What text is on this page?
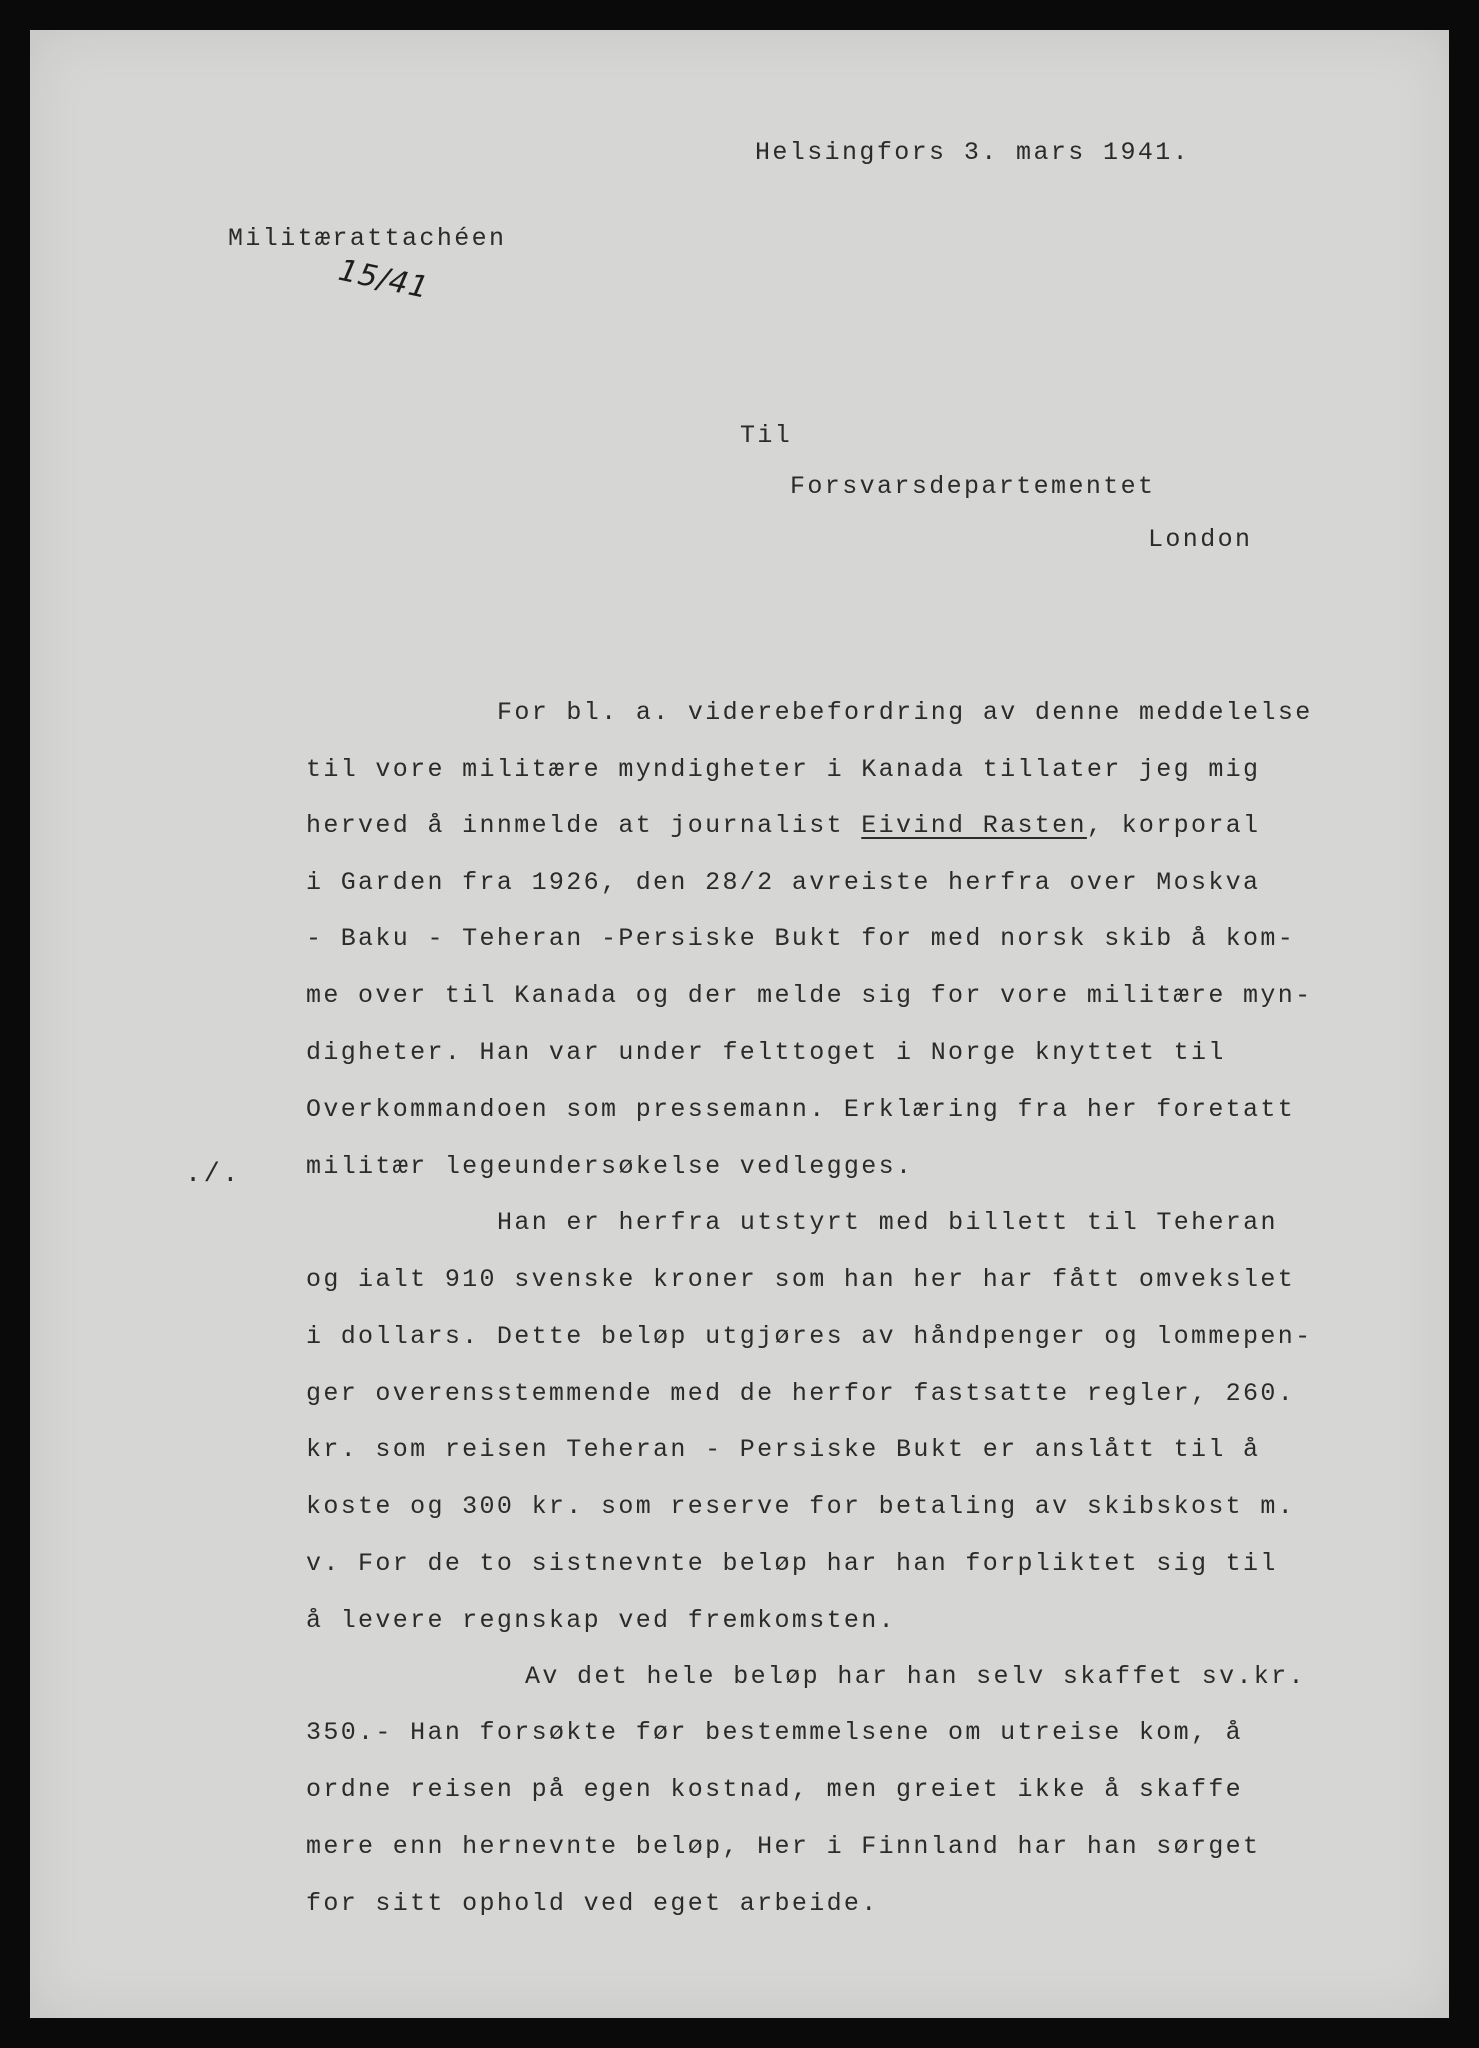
Helsingfors 3. mars 1941.
Militærattachéen
15/41
Til
Forsvarsdepartementet
London
./.
For bl. a. viderebefordring av denne meddelelse
til vore militære myndigheter i Kanada tillater jeg mig
herved å innmelde at journalist Eivind Rasten, korporal
i Garden fra 1926, den 28/2 avreiste herfra over Moskva
- Baku - Teheran -Persiske Bukt for med norsk skib å kom-
me over til Kanada og der melde sig for vore militære myn-
digheter. Han var under felttoget i Norge knyttet til
Overkommandoen som pressemann. Erklæring fra her foretatt
militær legeundersøkelse vedlegges.
Han er herfra utstyrt med billett til Teheran
og ialt 910 svenske kroner som han her har fått omvekslet
i dollars. Dette beløp utgjøres av håndpenger og lommepen-
ger overensstemmende med de herfor fastsatte regler, 260.
kr. som reisen Teheran - Persiske Bukt er anslått til å
koste og 300 kr. som reserve for betaling av skibskost m.
v. For de to sistnevnte beløp har han forpliktet sig til
å levere regnskap ved fremkomsten.
Av det hele beløp har han selv skaffet sv.kr.
350.- Han forsøkte før bestemmelsene om utreise kom, å
ordne reisen på egen kostnad, men greiet ikke å skaffe
mere enn hernevnte beløp, Her i Finnland har han sørget
for sitt ophold ved eget arbeide.
